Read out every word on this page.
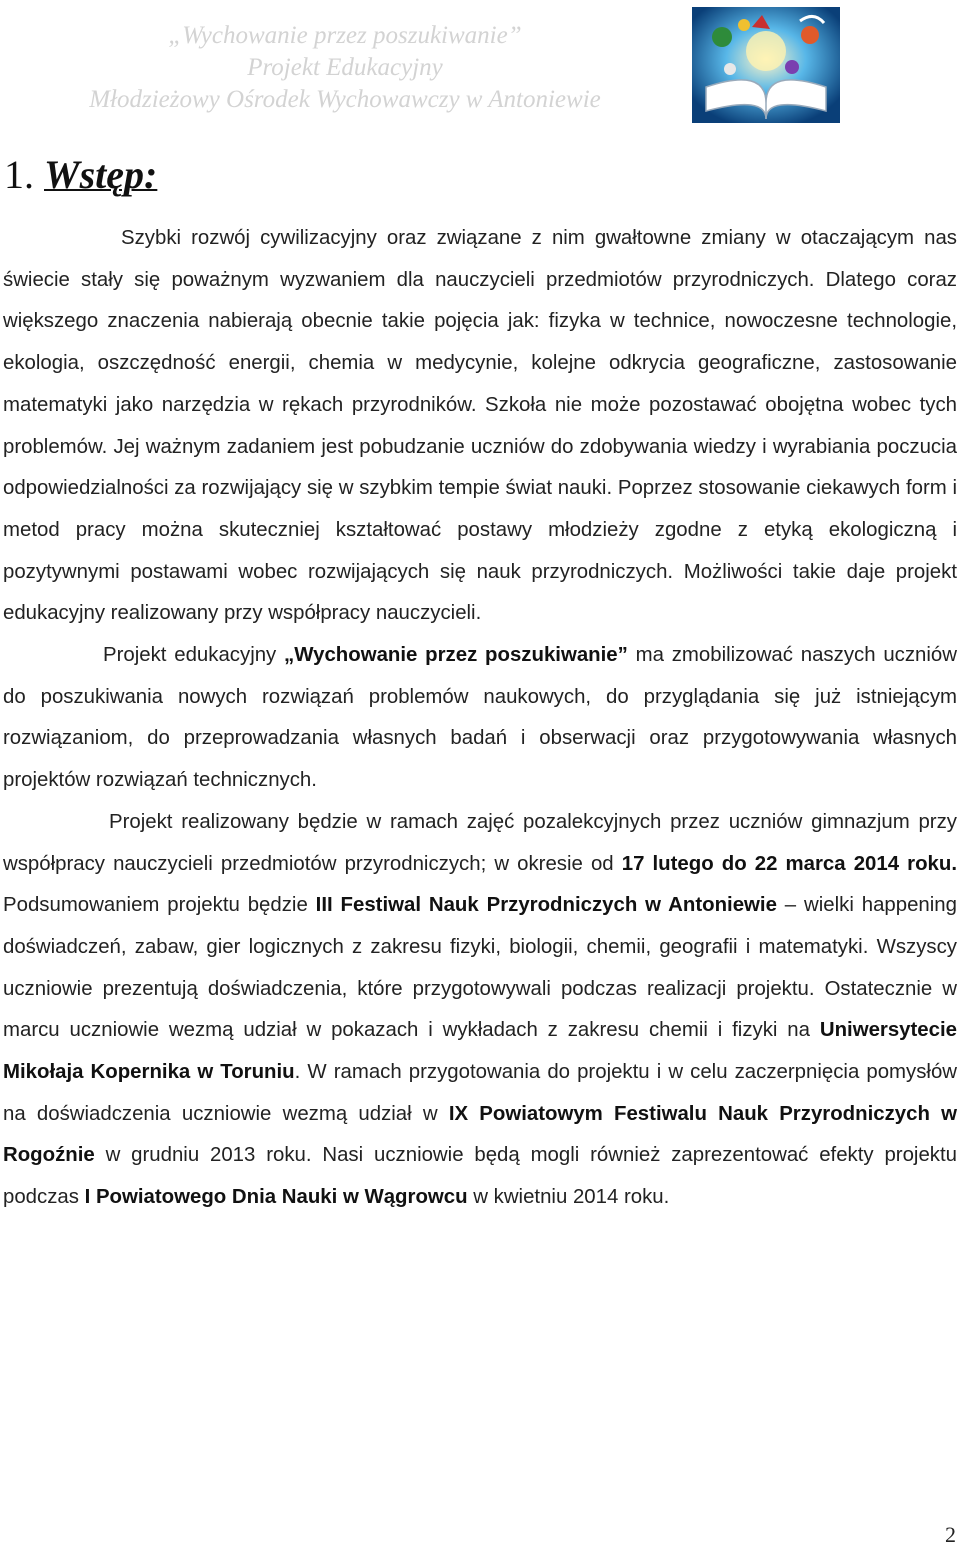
„Wychowanie przez poszukiwanie”
Projekt Edukacyjny
Młodzieżowy Ośrodek Wychowawczy w Antoniewie
1. Wstęp:

Szybki rozwój cywilizacyjny oraz związane z nim gwałtowne zmiany w otaczającym nas świecie stały się poważnym wyzwaniem dla nauczycieli przedmiotów przyrodniczych. Dlatego coraz większego znaczenia nabierają obecnie takie pojęcia jak: fizyka w technice, nowoczesne technologie, ekologia, oszczędność energii, chemia w medycynie, kolejne odkrycia geograficzne, zastosowanie matematyki jako narzędzia w rękach przyrodników. Szkoła nie może pozostawać obojętna wobec tych problemów. Jej ważnym zadaniem jest pobudzanie uczniów do zdobywania wiedzy i wyrabiania poczucia odpowiedzialności za rozwijający się w szybkim tempie świat nauki. Poprzez stosowanie ciekawych form i metod pracy można skuteczniej kształtować postawy młodzieży zgodne z etyką ekologiczną i pozytywnymi postawami wobec rozwijających się nauk przyrodniczych. Możliwości takie daje projekt edukacyjny realizowany przy współpracy nauczycieli.

Projekt edukacyjny „Wychowanie przez poszukiwanie” ma zmobilizować naszych uczniów do poszukiwania nowych rozwiązań problemów naukowych, do przyglądania się już istniejącym rozwiązaniom, do przeprowadzania własnych badań i obserwacji oraz przygotowywania własnych projektów rozwiązań technicznych.

Projekt realizowany będzie w ramach zajęć pozalekcyjnych przez uczniów gimnazjum przy współpracy nauczycieli przedmiotów przyrodniczych; w okresie od 17 lutego do 22 marca 2014 roku. Podsumowaniem projektu będzie III Festiwal Nauk Przyrodniczych w Antoniewie – wielki happening doświadczeń, zabaw, gier logicznych z zakresu fizyki, biologii, chemii, geografii i matematyki. Wszyscy uczniowie prezentują doświadczenia, które przygotowywali podczas realizacji projektu. Ostatecznie w marcu uczniowie wezmą udział w pokazach i wykładach z zakresu chemii i fizyki na Uniwersytecie Mikołaja Kopernika w Toruniu. W ramach przygotowania do projektu i w celu zaczerpnięcia pomysłów na doświadczenia uczniowie wezmą udział w IX Powiatowym Festiwalu Nauk Przyrodniczych w Rogoźnie w grudniu 2013 roku. Nasi uczniowie będą mogli również zaprezentować efekty projektu podczas I Powiatowego Dnia Nauki w Wągrowcu w kwietniu 2014 roku.

2
